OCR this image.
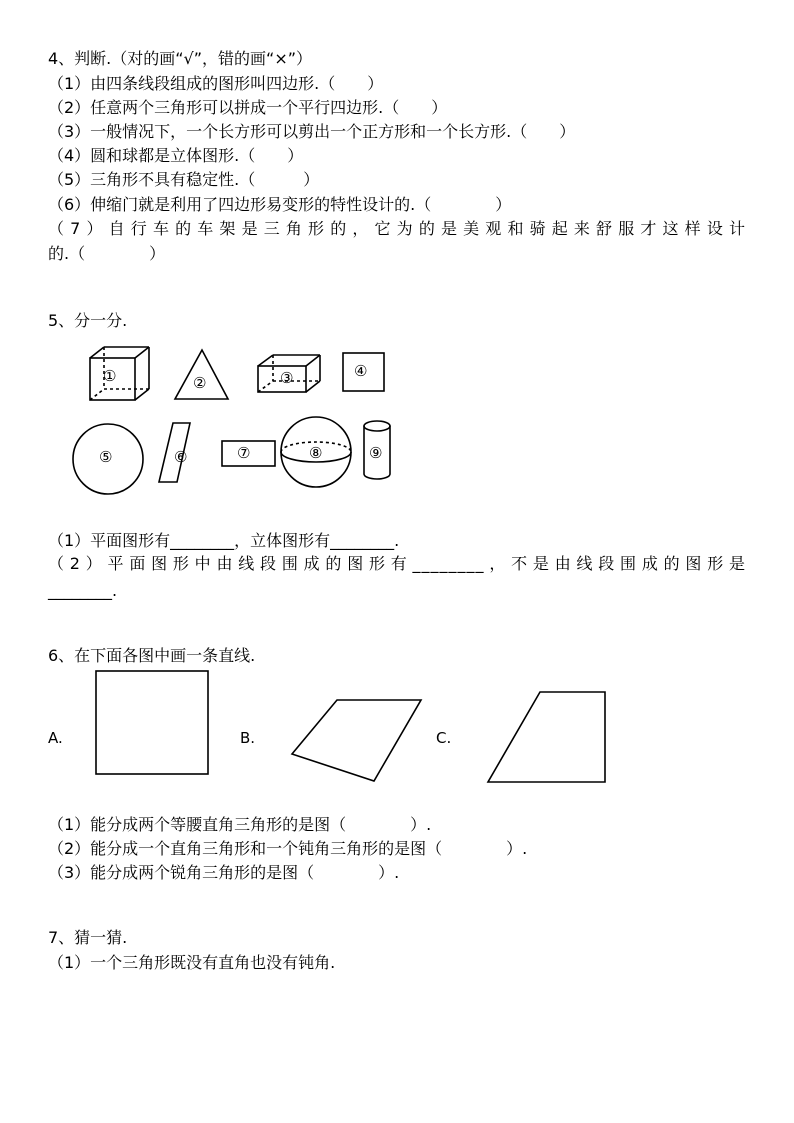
4、判断.（对的画“√”，错的画“×”）
（1）由四条线段组成的图形叫四边形.（　　）
（2）任意两个三角形可以拼成一个平行四边形.（　　）
（3）一般情况下，一个长方形可以剪出一个正方形和一个长方形.（　　）
（4）圆和球都是立体图形.（　　）
（5）三角形不具有稳定性.（　　　）
（6）伸缩门就是利用了四边形易变形的特性设计的.（　　　　）
（7）自行车的车架是三角形的，它为的是美观和骑起来舒服才这样设计
的.（　　　　）
5、分一分.
①	②	③	④
⑤	⑥	⑦	⑧	⑨
（1）平面图形有________，立体图形有________.
（2）平面图形中由线段围成的图形有________，不是由线段围成的图形是
________.
6、在下面各图中画一条直线.
A.	B.	C.
（1）能分成两个等腰直角三角形的是图（　　　　）.
（2）能分成一个直角三角形和一个钝角三角形的是图（　　　　）.
（3）能分成两个锐角三角形的是图（　　　　）.
7、猜一猜.
（1）一个三角形既没有直角也没有钝角.
